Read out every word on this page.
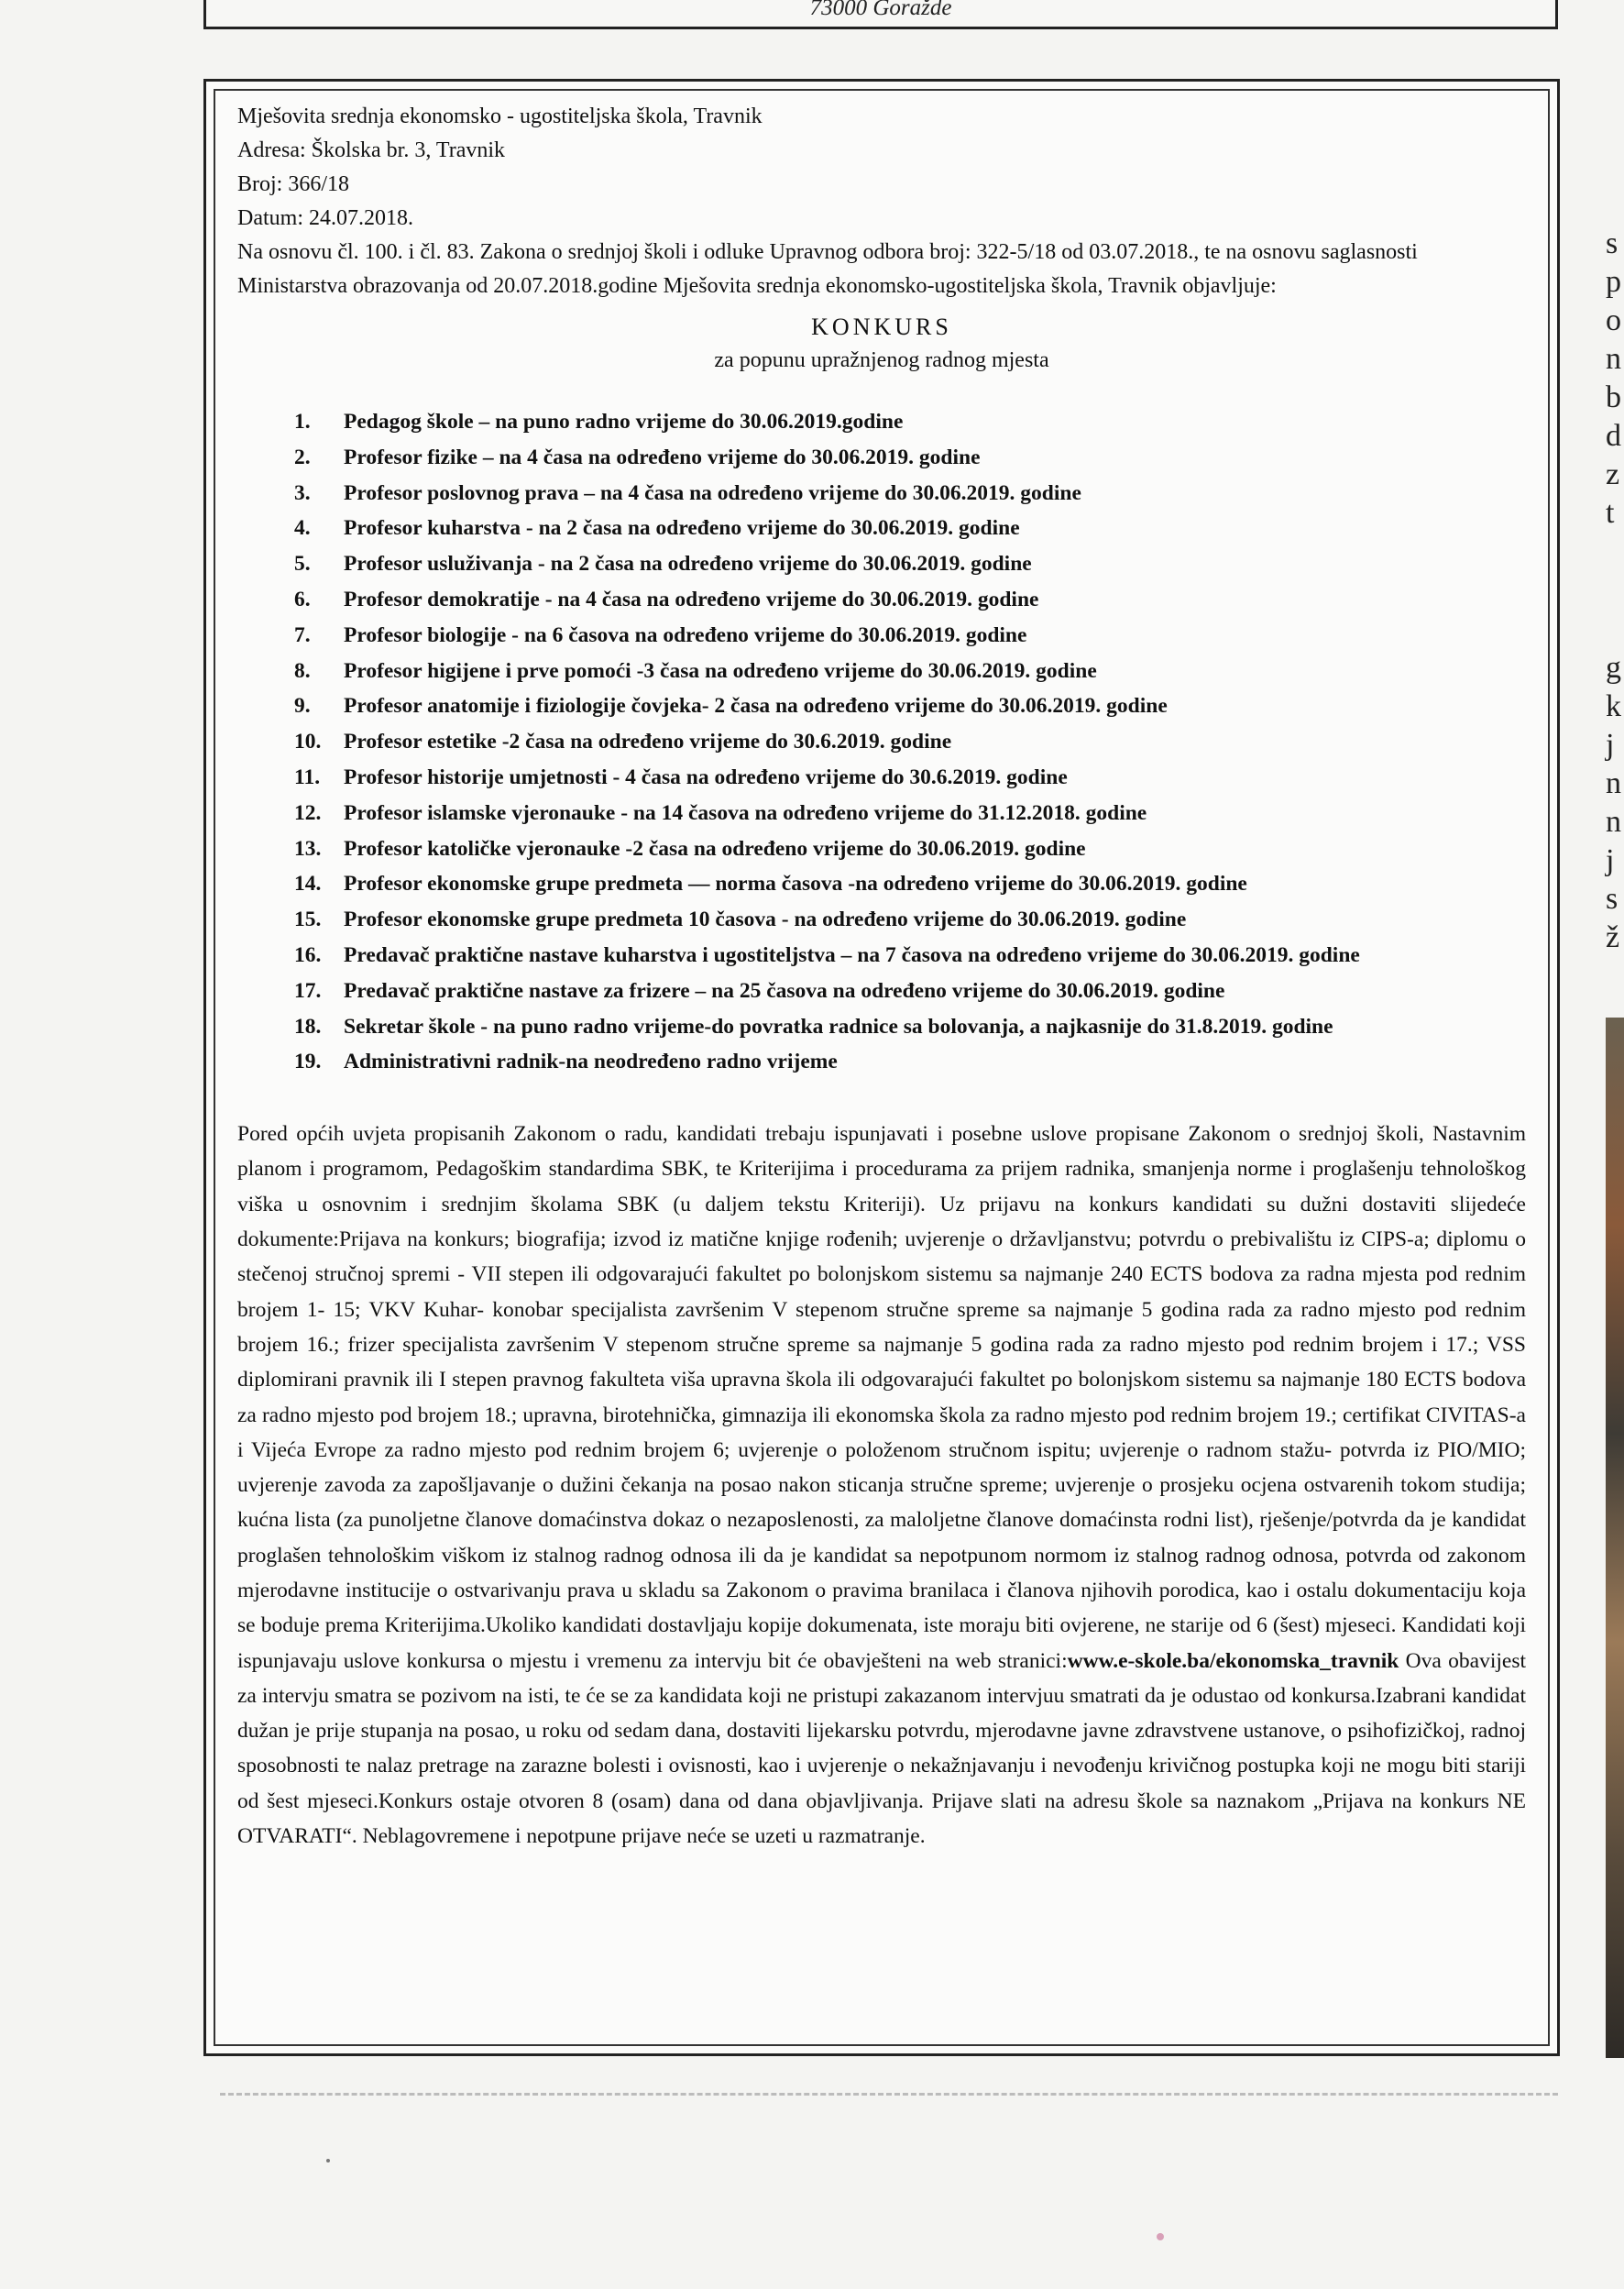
73000 Goražde

Mješovita srednja ekonomsko - ugostiteljska škola, Travnik

Adresa: Školska br. 3, Travnik

Broj: 366/18

Datum: 24.07.2018.

Na osnovu čl. 100. i čl. 83. Zakona o srednjoj školi i odluke Upravnog odbora broj: 322-5/18 od 03.07.2018., te na osnovu saglasnosti Ministarstva obrazovanja od 20.07.2018.godine Mješovita srednja ekonomsko-ugostiteljska škola, Travnik objavljuje:

KONKURS
za popunu upražnjenog radnog mjesta
1.	Pedagog škole – na puno radno vrijeme do 30.06.2019.godine
2.	Profesor fizike – na 4 časa na određeno vrijeme do 30.06.2019. godine
3.	Profesor poslovnog prava – na 4 časa na određeno vrijeme do 30.06.2019. godine
4.	Profesor kuharstva - na 2 časa na određeno vrijeme do 30.06.2019. godine
5.	Profesor usluživanja - na 2 časa na određeno vrijeme do 30.06.2019. godine
6.	Profesor demokratije - na 4 časa na određeno vrijeme do 30.06.2019. godine
7.	Profesor biologije - na 6 časova na određeno vrijeme do 30.06.2019. godine
8.	Profesor higijene i prve pomoći -3 časa na određeno vrijeme do 30.06.2019. godine
9.	Profesor anatomije i fiziologije čovjeka- 2 časa na određeno vrijeme do 30.06.2019. godine
10.	Profesor estetike -2 časa na određeno vrijeme do 30.6.2019. godine
11.	Profesor historije umjetnosti - 4 časa na određeno vrijeme do 30.6.2019. godine
12.	Profesor islamske vjeronauke - na 14 časova na određeno vrijeme do 31.12.2018. godine
13.	Profesor katoličke vjeronauke -2 časa na određeno vrijeme do 30.06.2019. godine
14.	Profesor ekonomske grupe predmeta — norma časova -na određeno vrijeme do 30.06.2019. godine
15.	Profesor ekonomske grupe predmeta 10 časova - na određeno vrijeme do 30.06.2019. godine
16.	Predavač praktične nastave kuharstva i ugostiteljstva – na 7 časova na određeno vrijeme do 30.06.2019. godine
17.	Predavač praktične nastave za frizere – na 25 časova na određeno vrijeme do 30.06.2019. godine
18.	Sekretar škole - na puno radno vrijeme-do povratka radnice sa bolovanja, a najkasnije do 31.8.2019. godine
19.	Administrativni radnik-na neodređeno radno vrijeme

Pored općih uvjeta propisanih Zakonom o radu, kandidati trebaju ispunjavati i posebne uslove propisane Zakonom o srednjoj školi, Nastavnim planom i programom, Pedagoškim standardima SBK, te Kriterijima i procedurama za prijem radnika, smanjenja norme i proglašenju tehnološkog viška u osnovnim i srednjim školama SBK (u daljem tekstu Kriteriji). Uz prijavu na konkurs kandidati su dužni dostaviti slijedeće dokumente:Prijava na konkurs; biografija; izvod iz matične knjige rođenih; uvjerenje o državljanstvu; potvrdu o prebivalištu iz CIPS-a; diplomu o stečenoj stručnoj spremi - VII stepen ili odgovarajući fakultet po bolonjskom sistemu sa najmanje 240 ECTS bodova za radna mjesta pod rednim brojem 1- 15; VKV Kuhar- konobar specijalista završenim V stepenom stručne spreme sa najmanje 5 godina rada za radno mjesto pod rednim brojem 16.; frizer specijalista završenim V stepenom stručne spreme sa najmanje 5 godina rada za radno mjesto pod rednim brojem i 17.; VSS diplomirani pravnik ili I stepen pravnog fakulteta viša upravna škola ili odgovarajući fakultet po bolonjskom sistemu sa najmanje 180 ECTS bodova za radno mjesto pod brojem 18.; upravna, birotehnička, gimnazija ili ekonomska škola za radno mjesto pod rednim brojem 19.; certifikat CIVITAS-a i Vijeća Evrope za radno mjesto pod rednim brojem 6; uvjerenje o položenom stručnom ispitu; uvjerenje o radnom stažu- potvrda iz PIO/MIO; uvjerenje zavoda za zapošljavanje o dužini čekanja na posao nakon sticanja stručne spreme; uvjerenje o prosjeku ocjena ostvarenih tokom studija; kućna lista (za punoljetne članove domaćinstva dokaz o nezaposlenosti, za maloljetne članove domaćinsta rodni list), rješenje/potvrda da je kandidat proglašen tehnološkim viškom iz stalnog radnog odnosa ili da je kandidat sa nepotpunom normom iz stalnog radnog odnosa, potvrda od zakonom mjerodavne institucije o ostvarivanju prava u skladu sa Zakonom o pravima branilaca i članova njihovih porodica, kao i ostalu dokumentaciju koja se boduje prema Kriterijima.Ukoliko kandidati dostavljaju kopije dokumenata, iste moraju biti ovjerene, ne starije od 6 (šest) mjeseci. Kandidati koji ispunjavaju uslove konkursa o mjestu i vremenu za intervju bit će obavješteni na web stranici:www.e-skole.ba/ekonomska_travnik Ova obavijest za intervju smatra se pozivom na isti, te će se za kandidata koji ne pristupi zakazanom intervjuu smatrati da je odustao od konkursa.Izabrani kandidat dužan je prije stupanja na posao, u roku od sedam dana, dostaviti lijekarsku potvrdu, mjerodavne javne zdravstvene ustanove, o psihofizičkoj, radnoj sposobnosti te nalaz pretrage na zarazne bolesti i ovisnosti, kao i uvjerenje o nekažnjavanju i nevođenju krivičnog postupka koji ne mogu biti stariji od šest mjeseci.Konkurs ostaje otvoren 8 (osam) dana od dana objavljivanja. Prijave slati na adresu škole sa naznakom „Prijava na konkurs NE OTVARATI“. Neblagovremene i nepotpune prijave neće se uzeti u razmatranje.

s
p
o
n
b
d
z
t
g
k
j
n
n
j
s
ž
